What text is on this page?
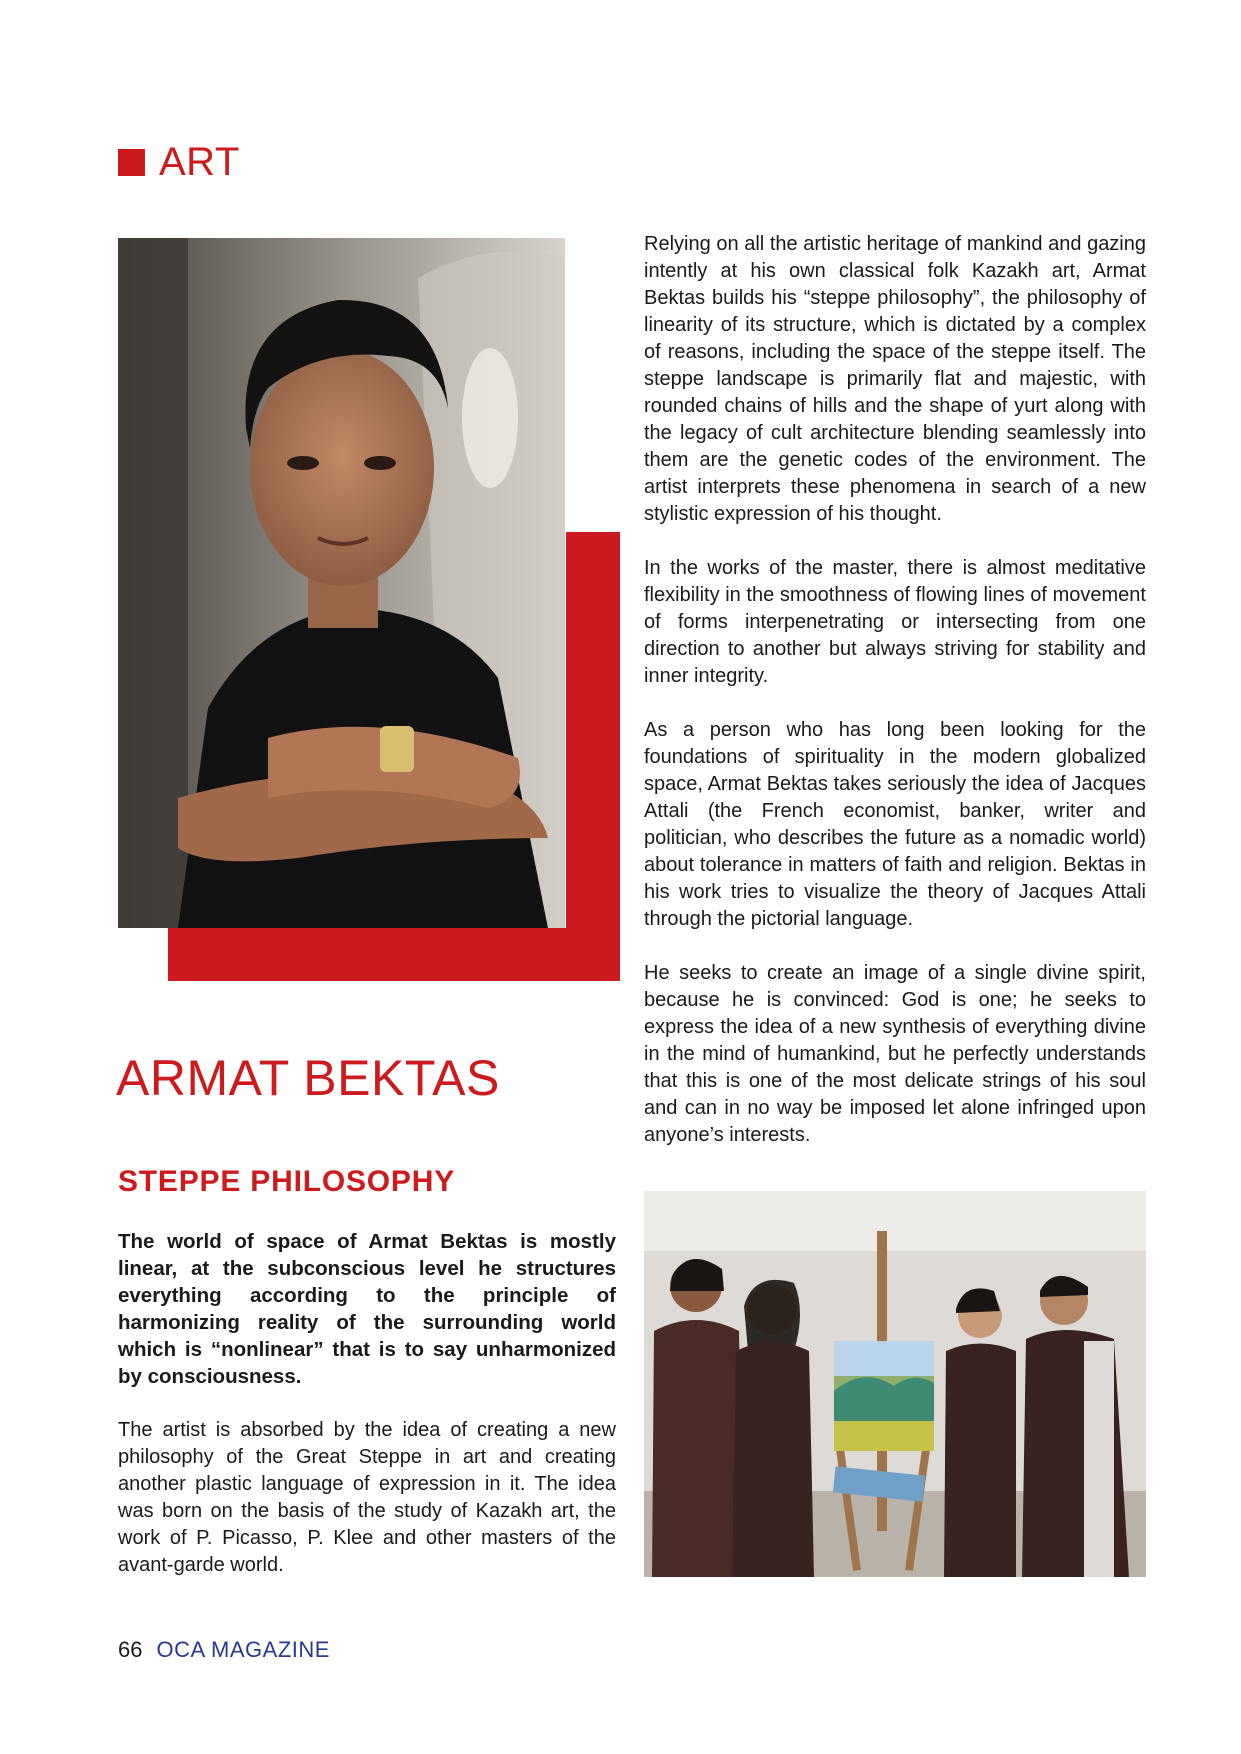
ART
ARMAT BEKTAS
STEPPE PHILOSOPHY

The world of space of Armat Bektas is mostly linear, at the subconscious level he structures everything according to the principle of harmonizing reality of the surrounding world which is “nonlinear” that is to say unharmonized by consciousness.

The artist is absorbed by the idea of creating a new philosophy of the Great Steppe in art and creating another plastic language of expression in it. The idea was born on the basis of the study of Kazakh art, the work of P. Picasso, P. Klee and other masters of the avant-garde world.

Relying on all the artistic heritage of mankind and gazing intently at his own classical folk Kazakh art, Armat Bektas builds his “steppe philosophy”, the philosophy of linearity of its structure, which is dictated by a complex of reasons, including the space of the steppe itself. The steppe landscape is primarily flat and majestic, with rounded chains of hills and the shape of yurt along with the legacy of cult architecture blending seamlessly into them are the genetic codes of the environment. The artist interprets these phenomena in search of a new stylistic expression of his thought.

In the works of the master, there is almost meditative flexibility in the smoothness of flowing lines of movement of forms interpenetrating or intersecting from one direction to another but always striving for stability and inner integrity.

As a person who has long been looking for the foundations of spirituality in the modern globalized space, Armat Bektas takes seriously the idea of Jacques Attali (the French economist, banker, writer and politician, who describes the future as a nomadic world) about tolerance in matters of faith and religion. Bektas in his work tries to visualize the theory of Jacques Attali through the pictorial language.

He seeks to create an image of a single divine spirit, because he is convinced: God is one; he seeks to express the idea of a new synthesis of everything divine in the mind of humankind, but he perfectly understands that this is one of the most delicate strings of his soul and can in no way be imposed let alone infringed upon anyone’s interests.

66 OCA MAGAZINE
